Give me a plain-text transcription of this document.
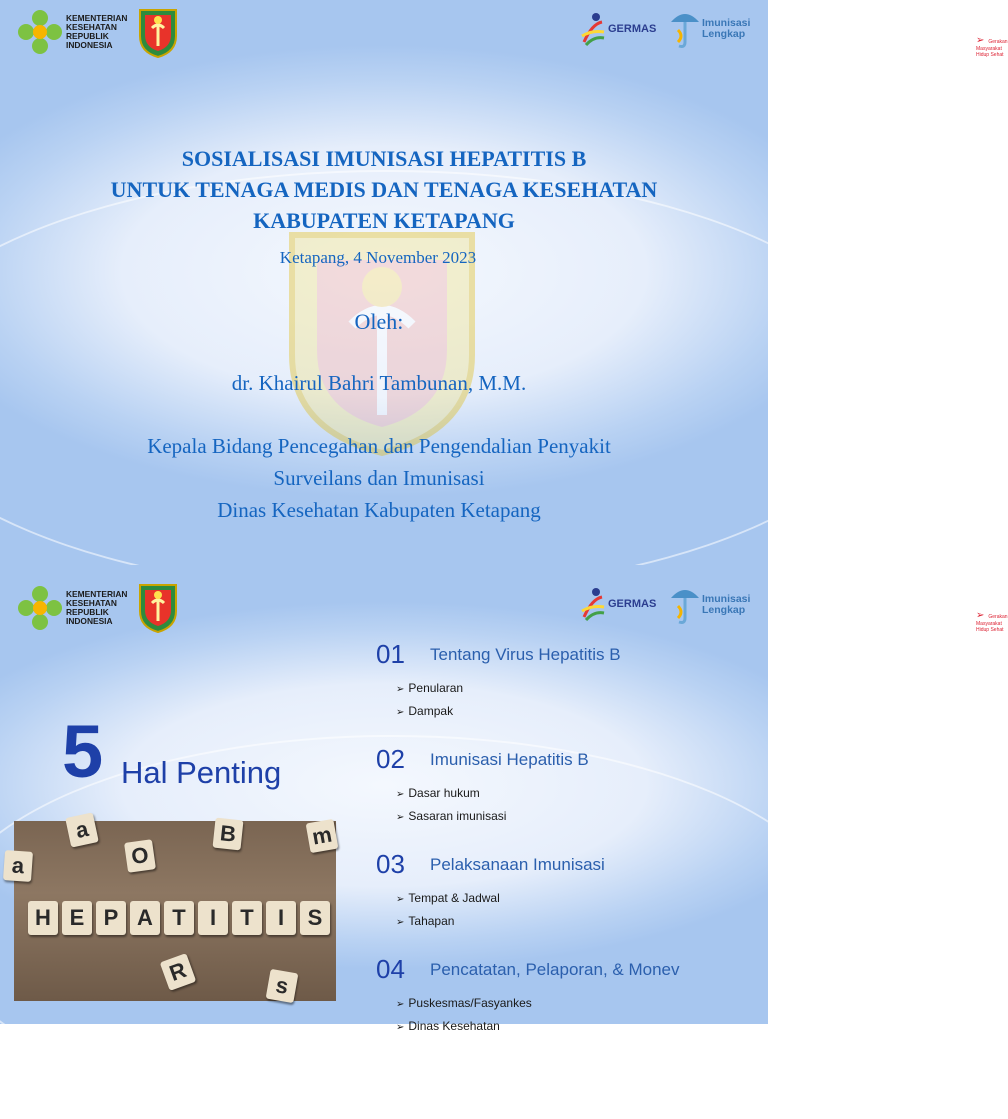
KEMENTERIAN
KESEHATAN
REPUBLIK
INDONESIA
GERMAS
➢ Gerakan Masyarakat Hidup Sehat
Imunisasi
Lengkap
SOSIALISASI IMUNISASI HEPATITIS B
UNTUK TENAGA MEDIS DAN TENAGA KESEHATAN
KABUPATEN KETAPANG
Ketapang, 4 November 2023
Oleh:
dr. Khairul Bahri Tambunan, M.M.
Kepala Bidang Pencegahan dan Pengendalian Penyakit
Surveilans dan Imunisasi
Dinas Kesehatan Kabupaten Ketapang
KEMENTERIAN
KESEHATAN
REPUBLIK
INDONESIA
GERMAS
➢ Gerakan Masyarakat Hidup Sehat
Imunisasi
Lengkap
5 Hal Penting
a
O
B	m
a
R	s
H E P A T	I	T	I	S
01 Tentang Virus Hepatitis B
➢ Penularan
➢ Dampak
02 Imunisasi Hepatitis B
➢ Dasar hukum
➢ Sasaran imunisasi
03 Pelaksanaan Imunisasi
➢ Tempat & Jadwal
➢ Tahapan
04 Pencatatan, Pelaporan, & Monev
➢ Puskesmas/Fasyankes
➢ Dinas Kesehatan
